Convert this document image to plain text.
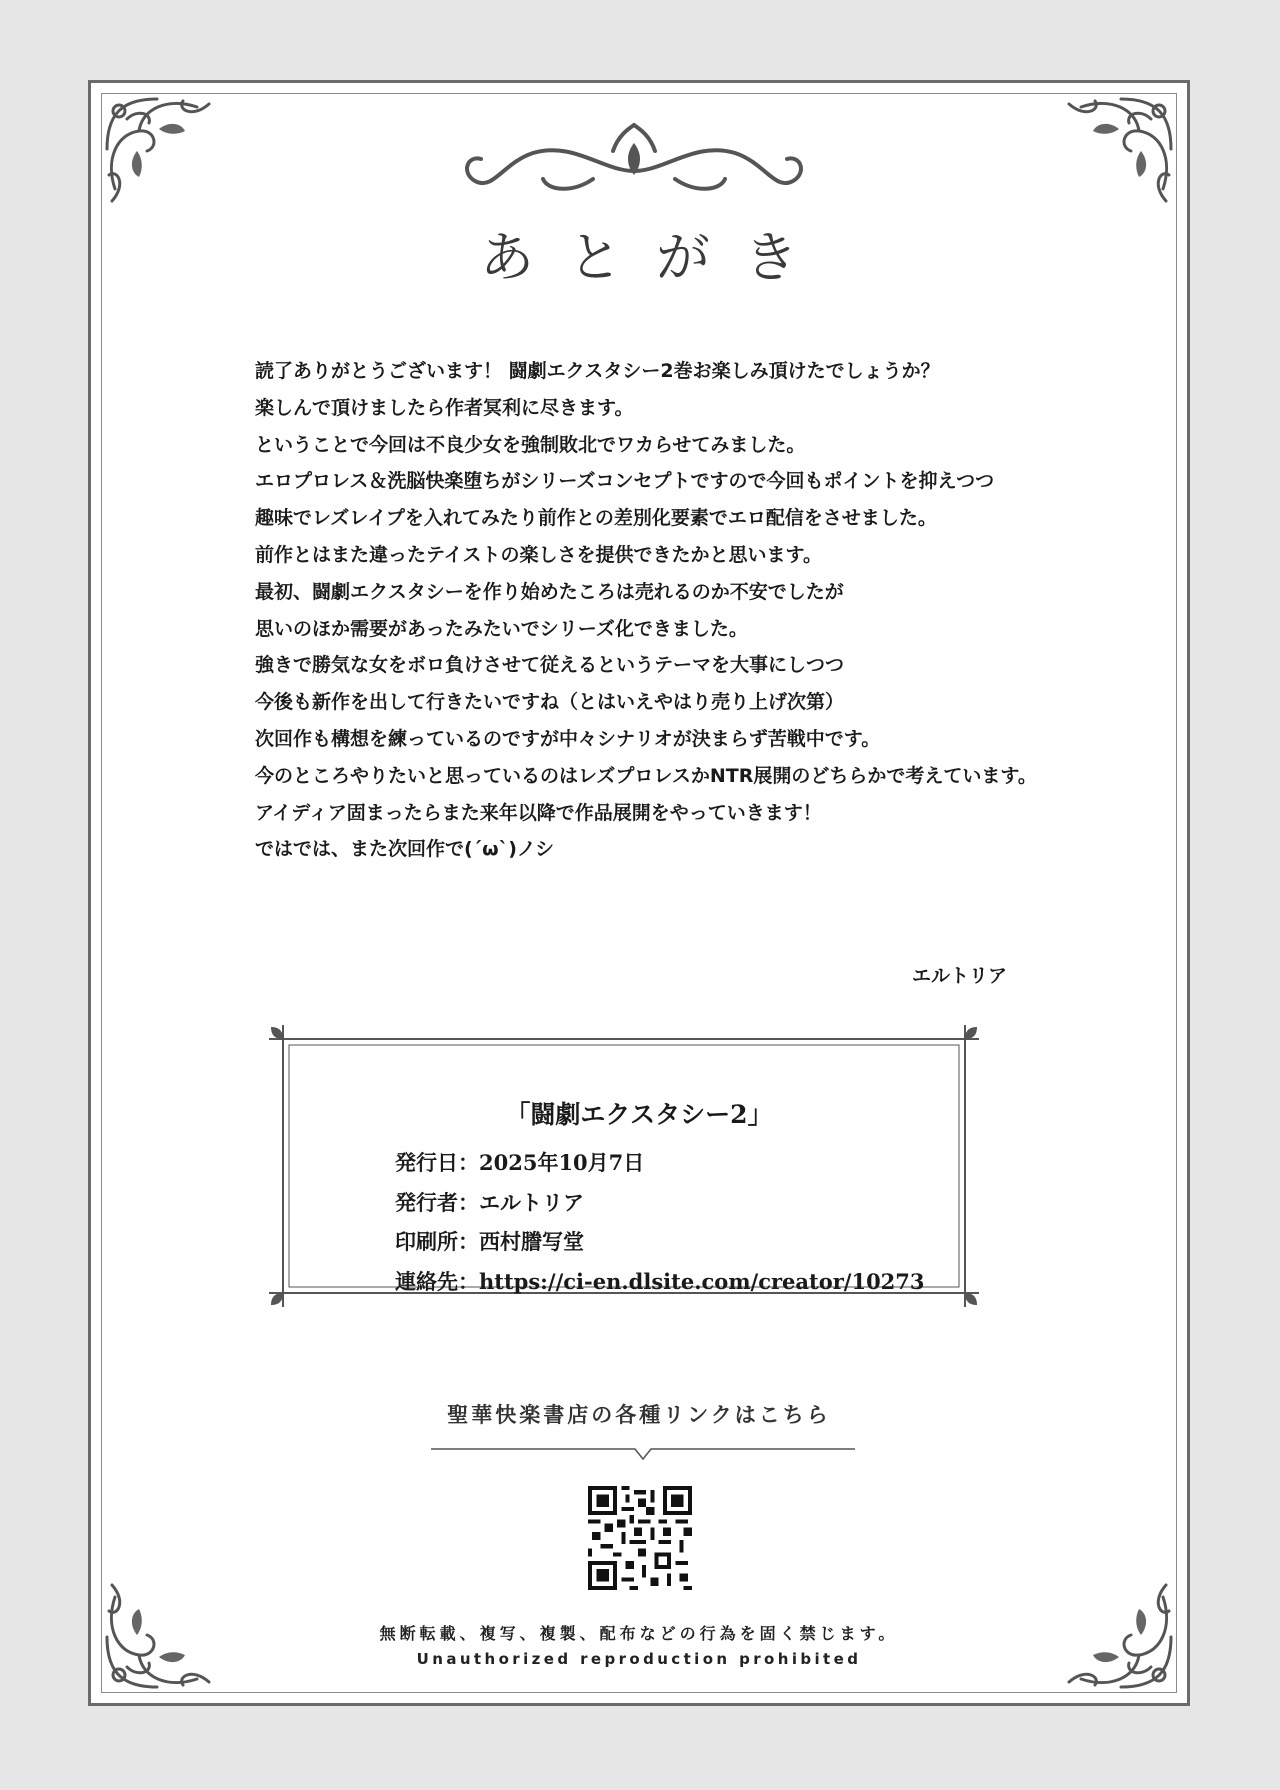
あとがき
読了ありがとうございます！ 闘劇エクスタシー2巻お楽しみ頂けたでしょうか？
楽しんで頂けましたら作者冥利に尽きます。
ということで今回は不良少女を強制敗北でワカらせてみました。
エロプロレス＆洗脳快楽堕ちがシリーズコンセプトですので今回もポイントを抑えつつ
趣味でレズレイプを入れてみたり前作との差別化要素でエロ配信をさせました。
前作とはまた違ったテイストの楽しさを提供できたかと思います。
最初、闘劇エクスタシーを作り始めたころは売れるのか不安でしたが
思いのほか需要があったみたいでシリーズ化できました。
強きで勝気な女をボロ負けさせて従えるというテーマを大事にしつつ
今後も新作を出して行きたいですね（とはいえやはり売り上げ次第）
次回作も構想を練っているのですが中々シナリオが決まらず苦戦中です。
今のところやりたいと思っているのはレズプロレスかNTR展開のどちらかで考えています。
アイディア固まったらまた来年以降で作品展開をやっていきます！
ではでは、また次回作で(´ω`)ノシ
エルトリア
「闘劇エクスタシー2」
発行日：2025年10月7日
発行者：エルトリア
印刷所：西村謄写堂
連絡先：https://ci-en.dlsite.com/creator/10273
聖華快楽書店の各種リンクはこちら
無断転載、複写、複製、配布などの行為を固く禁じます。
Unauthorized reproduction prohibited
